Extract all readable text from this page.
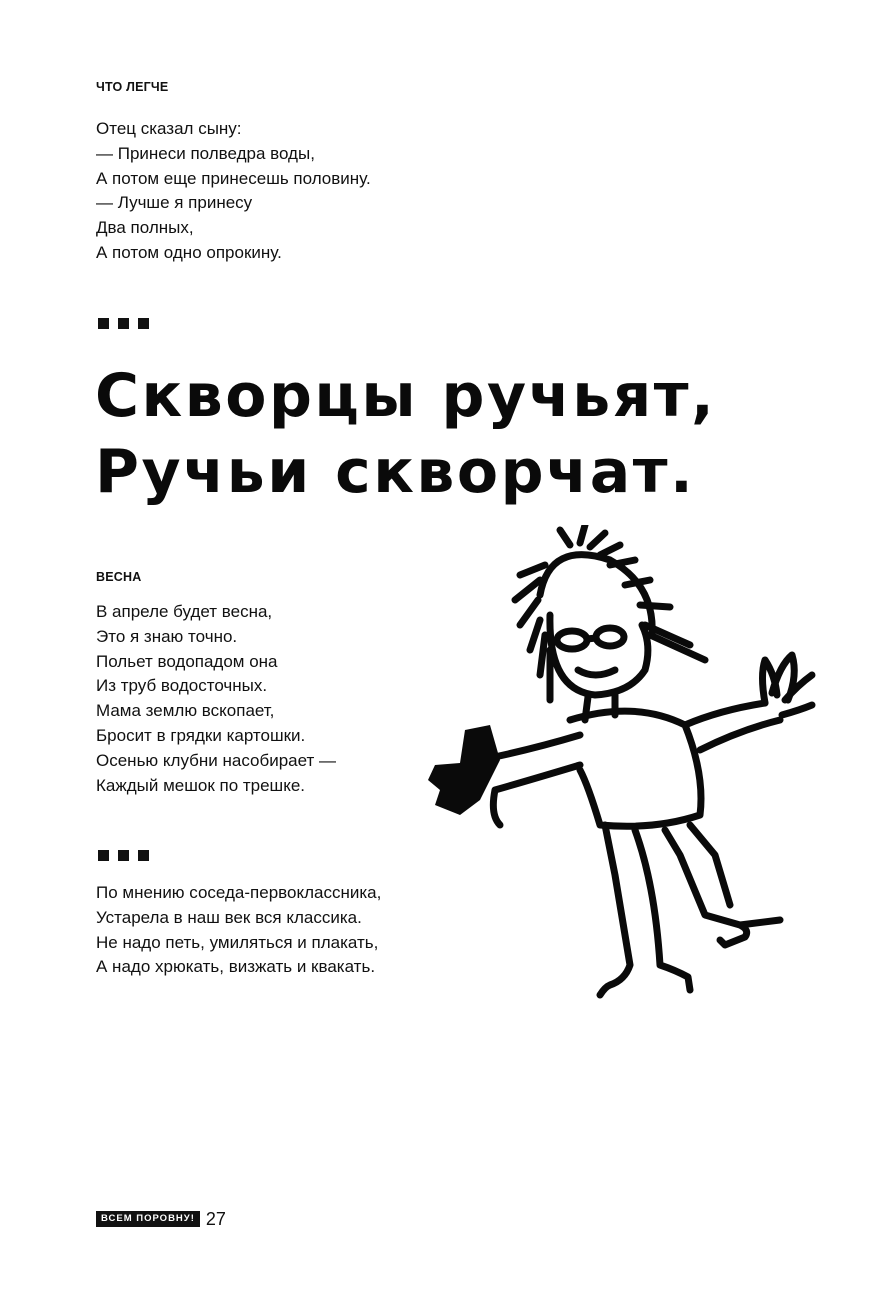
ЧТО ЛЕГЧЕ
Отец сказал сыну:
— Принеси полведра воды,
А потом еще принесешь половину.
— Лучше я принесу
Два полных,
А потом одно опрокину.
Скворцы ручьят,
Ручьи скворчат.
ВЕСНА
В апреле будет весна,
Это я знаю точно.
Польет водопадом она
Из труб водосточных.
Мама землю вскопает,
Бросит в грядки картошки.
Осенью клубни насобирает —
Каждый мешок по трешке.
По мнению соседа-первоклассника,
Устарела в наш век вся классика.
Не надо петь, умиляться и плакать,
А надо хрюкать, визжать и квакать.
ВСЕМ ПОРОВНУ! 27
